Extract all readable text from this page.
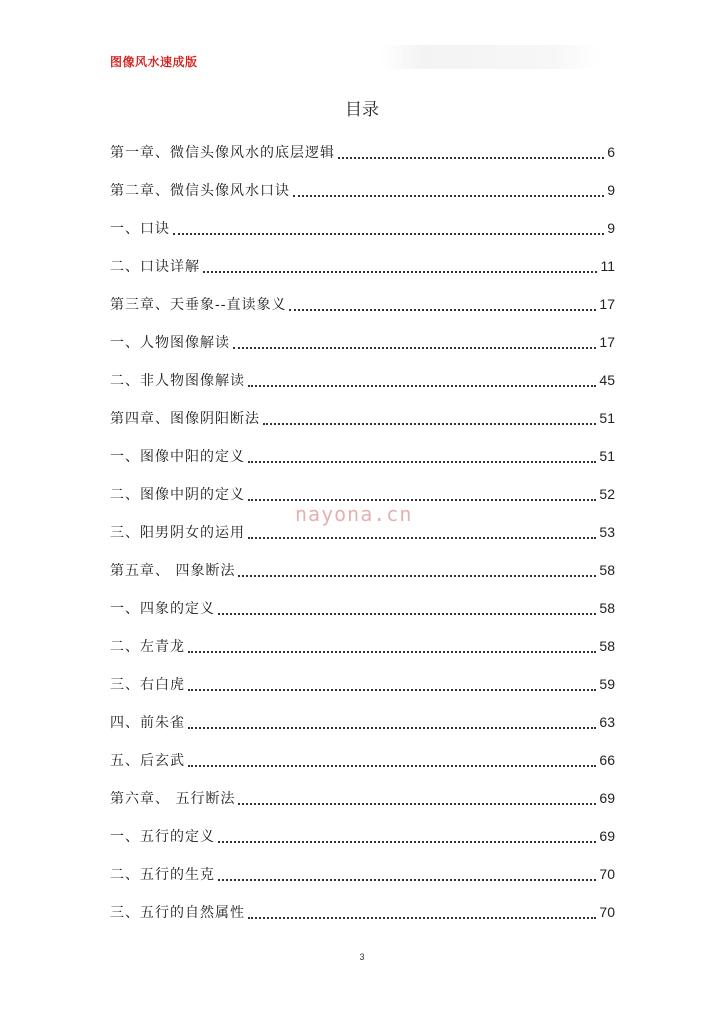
图像风水速成版
目录
第一章、微信头像风水的底层逻辑	6
第二章、微信头像风水口诀	9
一、口诀	9
二、口诀详解	11
第三章、天垂象--直读象义	17
一、人物图像解读	17
二、非人物图像解读	45
第四章、图像阴阳断法	51
一、图像中阳的定义	51
二、图像中阴的定义	52
三、阳男阴女的运用	53
第五章、 四象断法	58
一、四象的定义	58
二、左青龙	58
三、右白虎	59
四、前朱雀	63
五、后玄武	66
第六章、 五行断法	69
一、五行的定义	69
二、五行的生克	70
三、五行的自然属性	70
nayona.cn
3
